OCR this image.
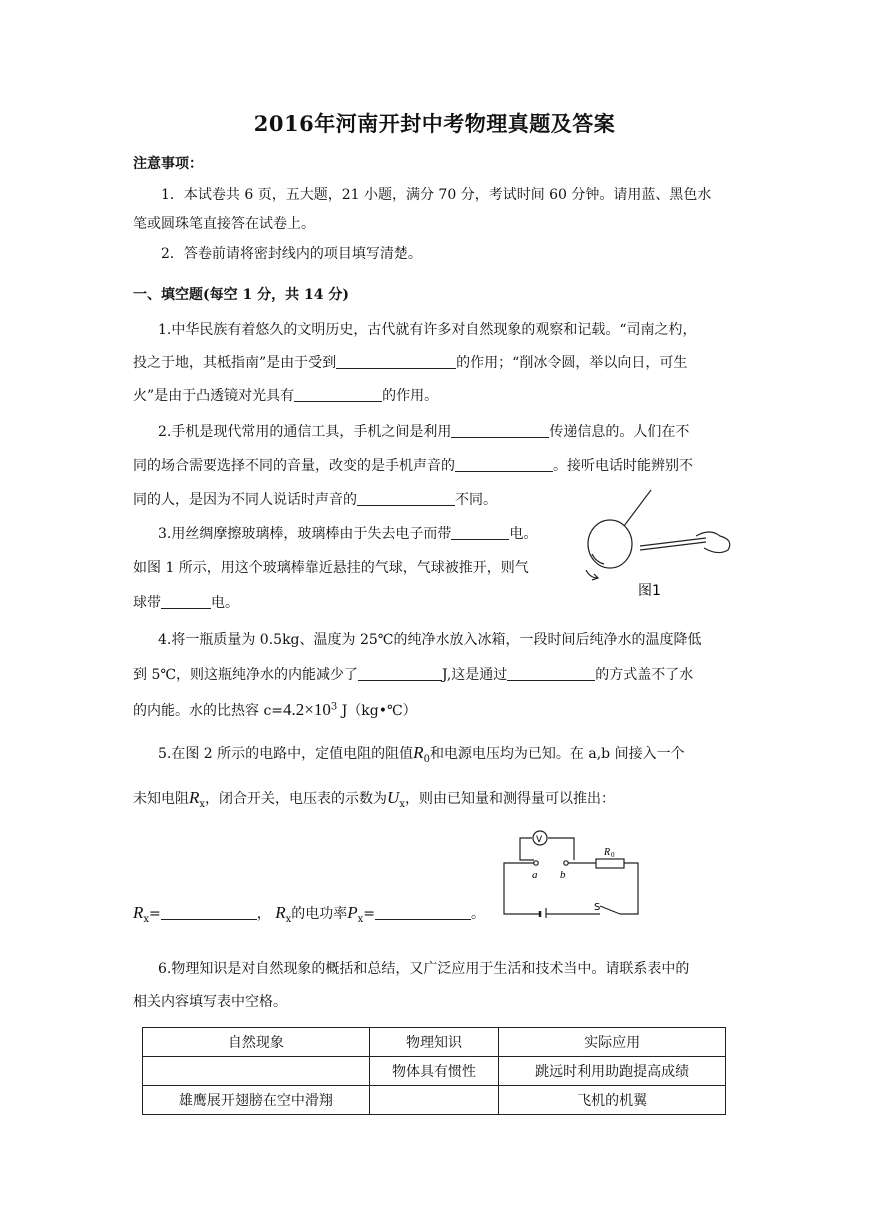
2016年河南开封中考物理真题及答案
注意事项：
1．本试卷共 6 页，五大题，21 小题，满分 70 分，考试时间 60 分钟。请用蓝、黑色水
笔或圆珠笔直接答在试卷上。
2．答卷前请将密封线内的项目填写清楚。
一、填空题(每空 1 分，共 14 分)
1.中华民族有着悠久的文明历史，古代就有许多对自然现象的观察和记载。“司南之杓，
投之于地，其柢指南”是由于受到	的作用；“削冰令圆，举以向日，可生
火”是由于凸透镜对光具有	的作用。
2.手机是现代常用的通信工具，手机之间是利用	传递信息的。人们在不
同的场合需要选择不同的音量，改变的是手机声音的	。接听电话时能辨别不
同的人，是因为不同人说话时声音的	不同。
3.用丝绸摩擦玻璃棒，玻璃棒由于失去电子而带	电。
如图 1 所示，用这个玻璃棒靠近悬挂的气球，气球被推开，则气
球带	电。
图1
4.将一瓶质量为 0.5kg、温度为 25℃的纯净水放入冰箱，一段时间后纯净水的温度降低
到 5℃，则这瓶纯净水的内能减少了	J,这是通过	的方式盖不了水
的内能。水的比热容 $c=4.2\times 10^3$ J（kg•℃）
5.在图 2 所示的电路中，定值电阻的阻值$R_0$和电源电压均为已知。在 a,b 间接入一个
未知电阻$R_x$，闭合开关，电压表的示数为$U_x$，则由已知量和测得量可以推出：
$R_x=$	， $R_x$的电功率$P_x=$	。
V
a b
R 0
S
6.物理知识是对自然现象的概括和总结，又广泛应用于生活和技术当中。请联系表中的
相关内容填写表中空格。
自然现象	物理知识	实际应用
	物体具有惯性	跳远时利用助跑提高成绩
雄鹰展开翅膀在空中滑翔		飞机的机翼
